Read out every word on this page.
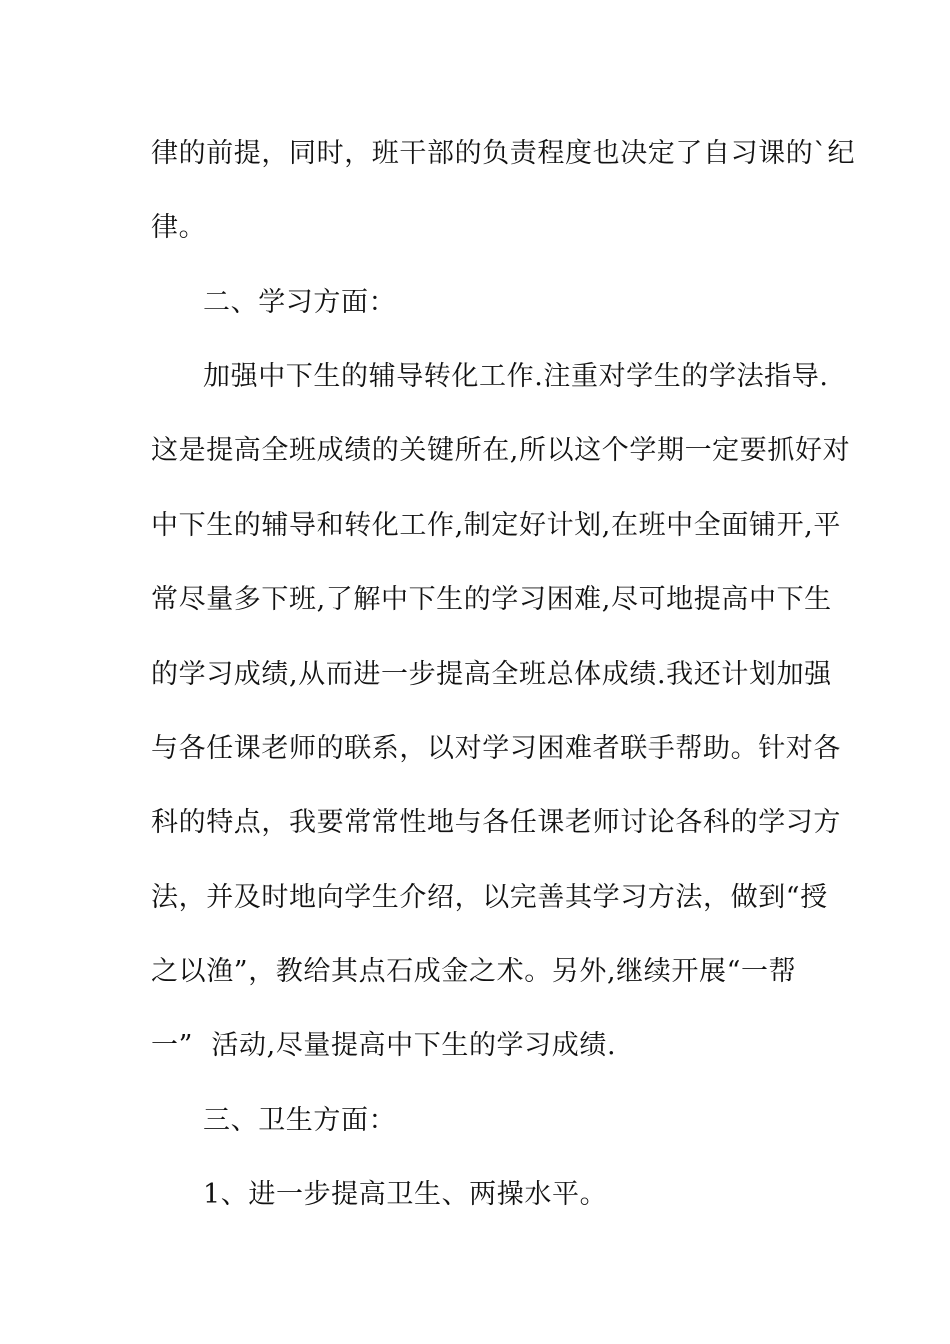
律的前提，同时，班干部的负责程度也决定了自习课的`纪
律。
二、学习方面：
加强中下生的辅导转化工作.注重对学生的学法指导.
这是提高全班成绩的关键所在,所以这个学期一定要抓好对
中下生的辅导和转化工作,制定好计划,在班中全面铺开,平
常尽量多下班,了解中下生的学习困难,尽可地提高中下生
的学习成绩,从而进一步提高全班总体成绩.我还计划加强
与各任课老师的联系，以对学习困难者联手帮助。针对各
科的特点，我要常常性地与各任课老师讨论各科的学习方
法，并及时地向学生介绍，以完善其学习方法，做到“授
之以渔”，教给其点石成金之术。另外,继续开展“一帮
一”  活动,尽量提高中下生的学习成绩.
三、卫生方面：
1、进一步提高卫生、两操水平。
